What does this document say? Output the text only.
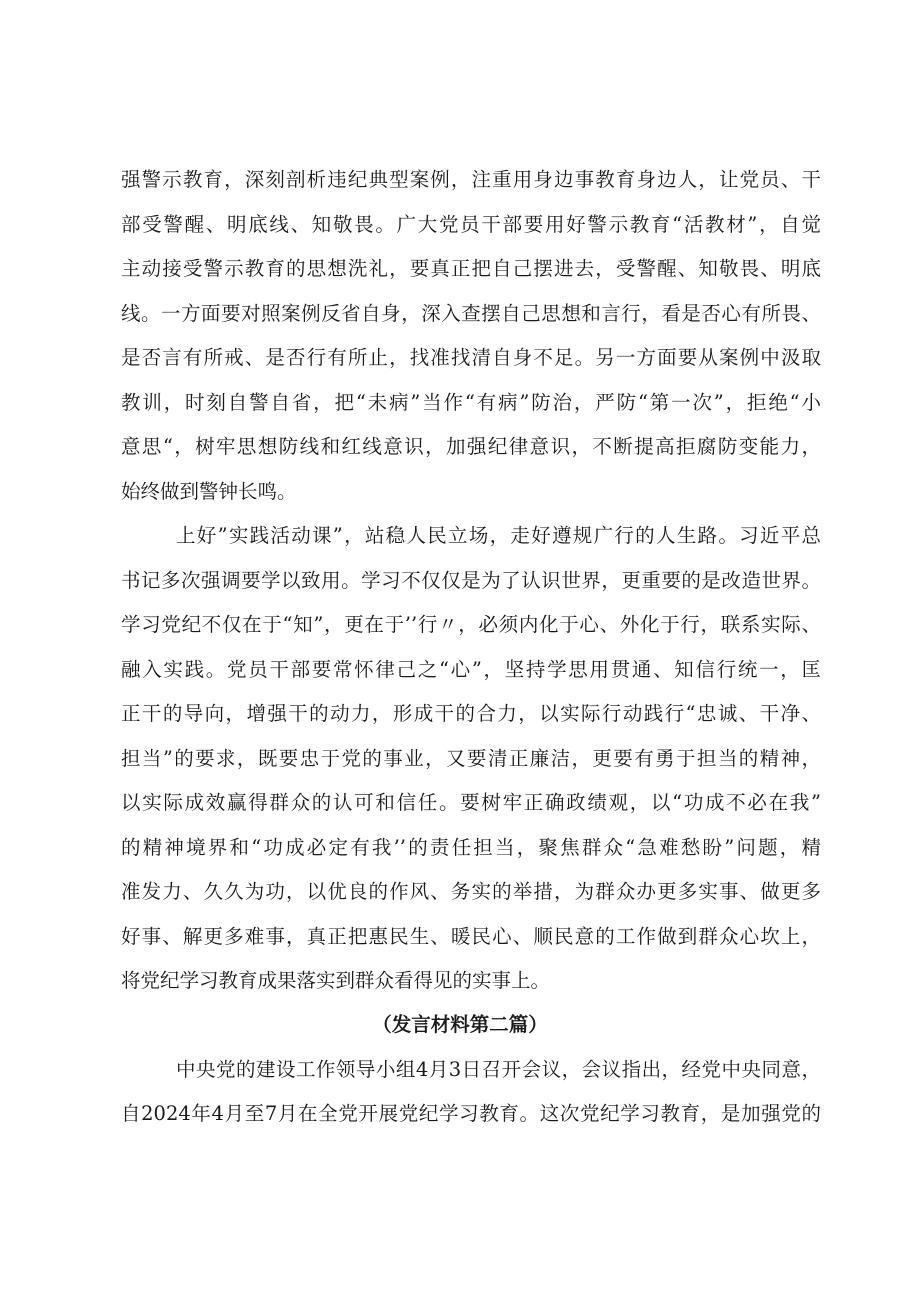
强警示教育，深刻剖析违纪典型案例，注重用身边事教育身边人，让党员、干
部受警醒、明底线、知敬畏。广大党员干部要用好警示教育“活教材”，自觉
主动接受警示教育的思想洗礼，要真正把自己摆进去，受警醒、知敬畏、明底
线。一方面要对照案例反省自身，深入查摆自己思想和言行，看是否心有所畏、
是否言有所戒、是否行有所止，找准找清自身不足。另一方面要从案例中汲取
教训，时刻自警自省，把“未病”当作“有病”防治，严防“第一次”，拒绝“小
意思“，树牢思想防线和红线意识，加强纪律意识，不断提高拒腐防变能力，
始终做到警钟长鸣。
上好”实践活动课”，站稳人民立场，走好遵规广行的人生路。习近平总
书记多次强调要学以致用。学习不仅仅是为了认识世界，更重要的是改造世界。
学习党纪不仅在于“知”，更在于’’行〃，必须内化于心、外化于行，联系实际、
融入实践。党员干部要常怀律己之“心”，坚持学思用贯通、知信行统一，匡
正干的导向，增强干的动力，形成干的合力，以实际行动践行“忠诚、干净、
担当”的要求，既要忠于党的事业，又要清正廉洁，更要有勇于担当的精神，
以实际成效赢得群众的认可和信任。要树牢正确政绩观，以“功成不必在我”
的精神境界和“功成必定有我’’的责任担当，聚焦群众“急难愁盼”问题，精
准发力、久久为功，以优良的作风、务实的举措，为群众办更多实事、做更多
好事、解更多难事，真正把惠民生、暖民心、顺民意的工作做到群众心坎上，
将党纪学习教育成果落实到群众看得见的实事上。
（发言材料第二篇）
中央党的建设工作领导小组4月3日召开会议，会议指出，经党中央同意，
自2024年4月至7月在全党开展党纪学习教育。这次党纪学习教育，是加强党的
